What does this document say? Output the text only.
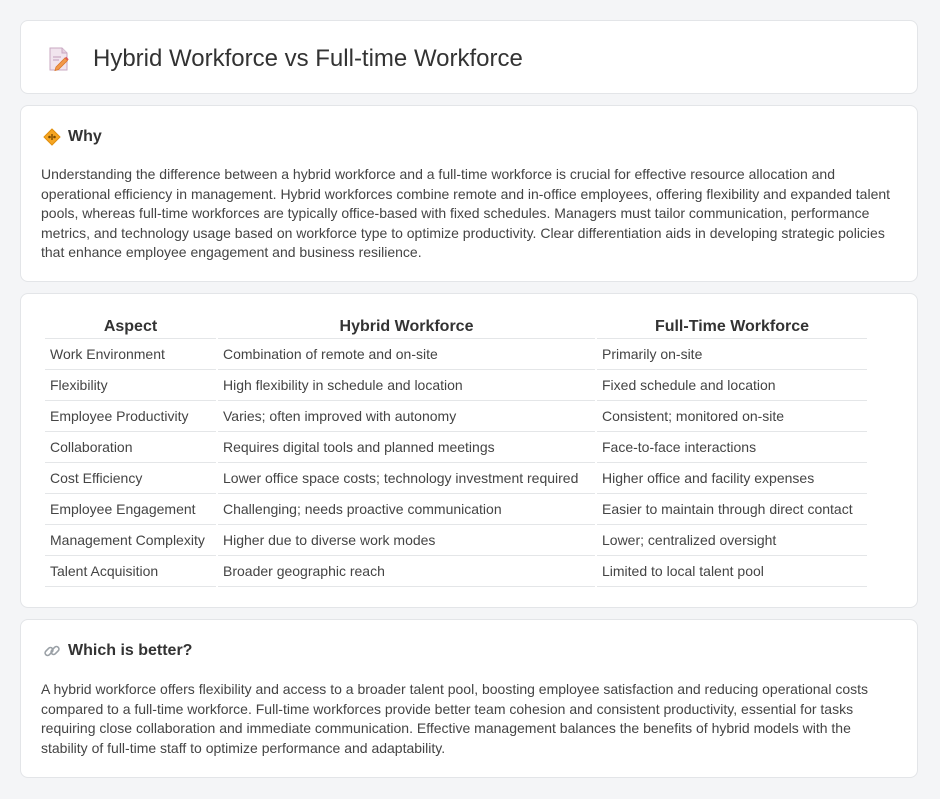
Hybrid Workforce vs Full-time Workforce
Why

Understanding the difference between a hybrid workforce and a full-time workforce is crucial for effective resource allocation and operational efficiency in management. Hybrid workforces combine remote and in-office employees, offering flexibility and expanded talent pools, whereas full-time workforces are typically office-based with fixed schedules. Managers must tailor communication, performance metrics, and technology usage based on workforce type to optimize productivity. Clear differentiation aids in developing strategic policies that enhance employee engagement and business resilience.

Aspect	Hybrid Workforce	Full-Time Workforce
Work Environment	Combination of remote and on-site	Primarily on-site
Flexibility	High flexibility in schedule and location	Fixed schedule and location
Employee Productivity	Varies; often improved with autonomy	Consistent; monitored on-site
Collaboration	Requires digital tools and planned meetings	Face-to-face interactions
Cost Efficiency	Lower office space costs; technology investment required	Higher office and facility expenses
Employee Engagement	Challenging; needs proactive communication	Easier to maintain through direct contact
Management Complexity	Higher due to diverse work modes	Lower; centralized oversight
Talent Acquisition	Broader geographic reach	Limited to local talent pool
Which is better?

A hybrid workforce offers flexibility and access to a broader talent pool, boosting employee satisfaction and reducing operational costs compared to a full-time workforce. Full-time workforces provide better team cohesion and consistent productivity, essential for tasks requiring close collaboration and immediate communication. Effective management balances the benefits of hybrid models with the stability of full-time staff to optimize performance and adaptability.
